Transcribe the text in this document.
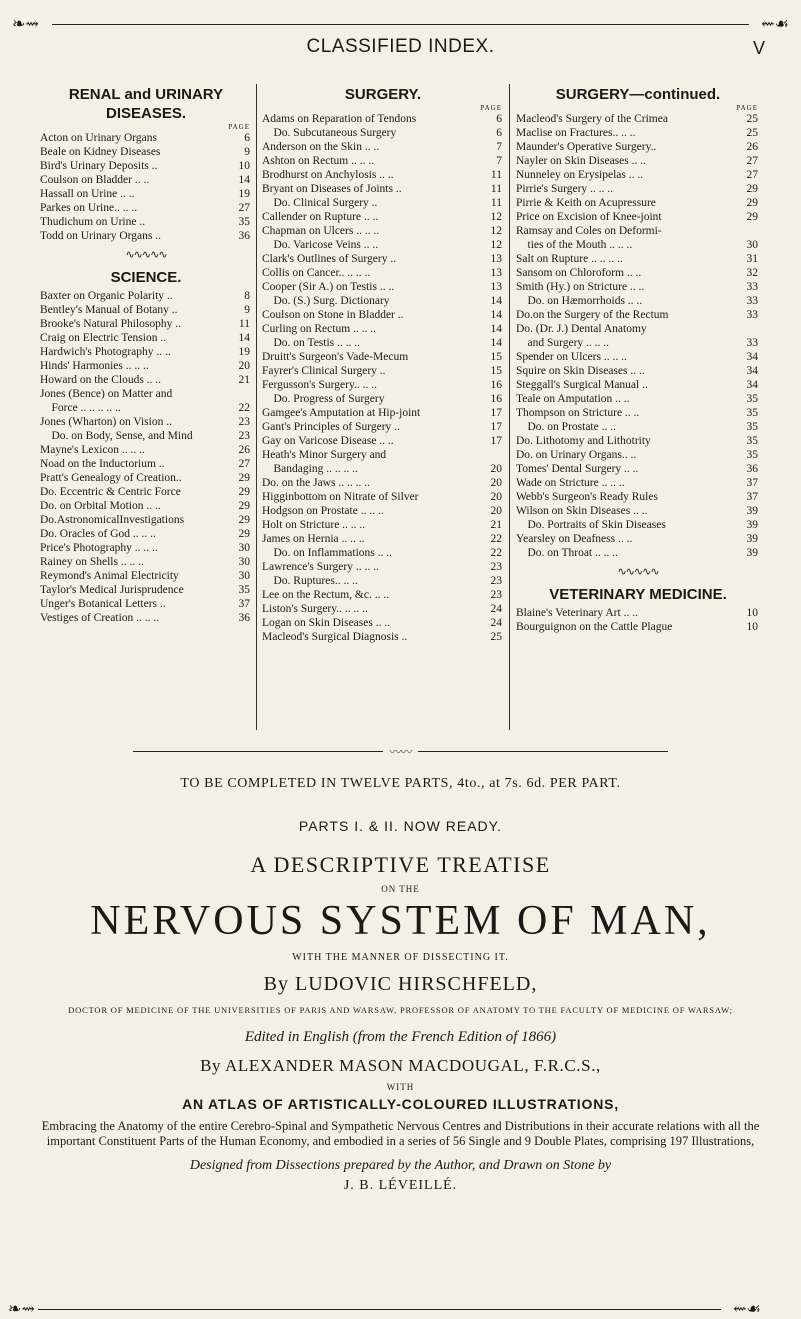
❧⇝	⇜☙
CLASSIFIED INDEX.	V
RENAL and URINARY
DISEASES.
PAGE
Acton on Urinary Organs	6
Beale on Kidney Diseases	9
Bird's Urinary Deposits ..	10
Coulson on Bladder .. ..	14
Hassall on Urine .. ..	19
Parkes on Urine.. .. ..	27
Thudichum on Urine ..	35
Todd on Urinary Organs ..	36
∿∿∿∿∿
SCIENCE.
Baxter on Organic Polarity ..	8
Bentley's Manual of Botany ..	9
Brooke's Natural Philosophy ..	11
Craig on Electric Tension ..	14
Hardwich's Photography .. ..	19
Hinds' Harmonies .. .. ..	20
Howard on the Clouds .. ..	21
Jones (Bence) on Matter and
Force .. .. .. .. ..	22
Jones (Wharton) on Vision ..	23
Do. on Body, Sense, and Mind	23
Mayne's Lexicon .. .. ..	26
Noad on the Inductorium ..	27
Pratt's Genealogy of Creation..	29
Do. Eccentric & Centric Force	29
Do. on Orbital Motion .. ..	29
Do.AstronomicalInvestigations	29
Do. Oracles of God .. .. ..	29
Price's Photography .. .. ..	30
Rainey on Shells .. .. ..	30
Reymond's Animal Electricity	30
Taylor's Medical Jurisprudence	35
Unger's Botanical Letters ..	37
Vestiges of Creation .. .. ..	36
SURGERY.
PAGE
Adams on Reparation of Tendons	6
Do. Subcutaneous Surgery	6
Anderson on the Skin .. ..	7
Ashton on Rectum .. .. ..	7
Brodhurst on Anchylosis .. ..	11
Bryant on Diseases of Joints ..	11
Do. Clinical Surgery ..	11
Callender on Rupture .. ..	12
Chapman on Ulcers .. .. ..	12
Do. Varicose Veins .. ..	12
Clark's Outlines of Surgery ..	13
Collis on Cancer.. .. .. ..	13
Cooper (Sir A.) on Testis .. ..	13
Do. (S.) Surg. Dictionary	14
Coulson on Stone in Bladder ..	14
Curling on Rectum .. .. ..	14
Do. on Testis .. .. ..	14
Druitt's Surgeon's Vade-Mecum	15
Fayrer's Clinical Surgery ..	15
Fergusson's Surgery.. .. ..	16
Do. Progress of Surgery	16
Gamgee's Amputation at Hip-joint	17
Gant's Principles of Surgery ..	17
Gay on Varicose Disease .. ..	17
Heath's Minor Surgery and
Bandaging .. .. .. ..	20
Do. on the Jaws .. .. .. ..	20
Higginbottom on Nitrate of Silver	20
Hodgson on Prostate .. .. ..	20
Holt on Stricture .. .. ..	21
James on Hernia .. .. ..	22
Do. on Inflammations .. ..	22
Lawrence's Surgery .. .. ..	23
Do. Ruptures.. .. ..	23
Lee on the Rectum, &c. .. ..	23
Liston's Surgery.. .. .. ..	24
Logan on Skin Diseases .. ..	24
Macleod's Surgical Diagnosis ..	25
SURGERY—continued.
PAGE
Macleod's Surgery of the Crimea	25
Maclise on Fractures.. .. ..	25
Maunder's Operative Surgery..	26
Nayler on Skin Diseases .. ..	27
Nunneley on Erysipelas .. ..	27
Pirrie's Surgery .. .. ..	29
Pirrie & Keith on Acupressure	29
Price on Excision of Knee-joint	29
Ramsay and Coles on Deformi-
ties of the Mouth .. .. ..	30
Salt on Rupture .. .. .. ..	31
Sansom on Chloroform .. ..	32
Smith (Hy.) on Stricture .. ..	33
Do. on Hæmorrhoids .. ..	33
Do.on the Surgery of the Rectum	33
Do. (Dr. J.) Dental Anatomy
and Surgery .. .. ..	33
Spender on Ulcers .. .. ..	34
Squire on Skin Diseases .. ..	34
Steggall's Surgical Manual ..	34
Teale on Amputation .. ..	35
Thompson on Stricture .. ..	35
Do. on Prostate .. ..	35
Do. Lithotomy and Lithotrity	35
Do. on Urinary Organs.. ..	35
Tomes' Dental Surgery .. ..	36
Wade on Stricture .. .. ..	37
Webb's Surgeon's Ready Rules	37
Wilson on Skin Diseases .. ..	39
Do. Portraits of Skin Diseases	39
Yearsley on Deafness .. ..	39
Do. on Throat .. .. ..	39
∿∿∿∿∿
VETERINARY MEDICINE.
Blaine's Veterinary Art .. ..	10
Bourguignon on the Cattle Plague	10
〰〰
TO BE COMPLETED IN TWELVE PARTS, 4to., at 7s. 6d. PER PART.
PARTS I. & II. NOW READY.
A DESCRIPTIVE TREATISE
ON THE
NERVOUS SYSTEM OF MAN,
WITH THE MANNER OF DISSECTING IT.
By LUDOVIC HIRSCHFELD,
DOCTOR OF MEDICINE OF THE UNIVERSITIES OF PARIS AND WARSAW, PROFESSOR OF ANATOMY TO THE FACULTY OF MEDICINE OF WARSAW;
Edited in English (from the French Edition of 1866)
By ALEXANDER MASON MACDOUGAL, F.R.C.S.,
WITH
AN ATLAS OF ARTISTICALLY-COLOURED ILLUSTRATIONS,
Embracing the Anatomy of the entire Cerebro-Spinal and Sympathetic Nervous Centres and Distributions in their accurate relations with all the important Constituent Parts of the Human Economy, and embodied in a series of 56 Single and 9 Double Plates, comprising 197 Illustrations,
Designed from Dissections prepared by the Author, and Drawn on Stone by
J. B. LÉVEILLÉ.
❧⇝	⇜☙
